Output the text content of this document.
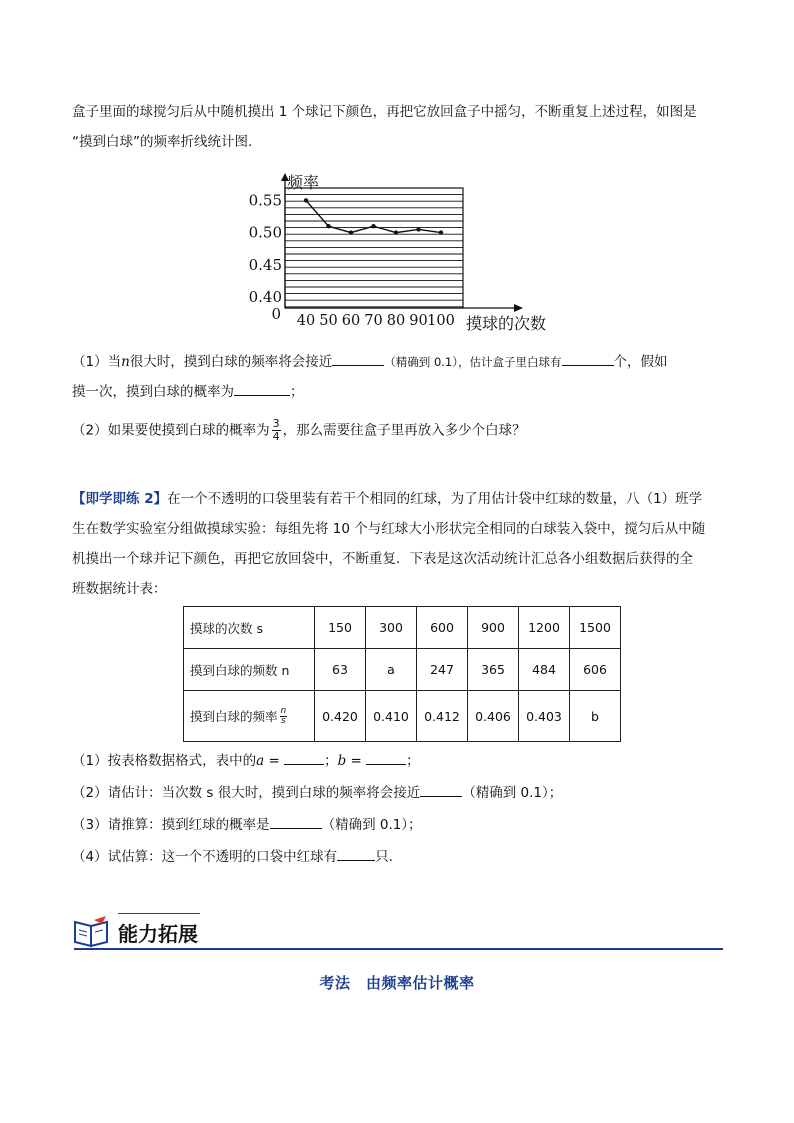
盒子里面的球搅匀后从中随机摸出 1 个球记下颜色，再把它放回盒子中摇匀，不断重复上述过程，如图是
“摸到白球”的频率折线统计图.
0.40
0.45
0.50
0.55
0 40 50 60 70 80 90 100
频率
摸球的次数
（1）当n很大时，摸到白球的频率将会接近	（精确到 0.1），估计盒子里白球有	个，假如
摸一次，摸到白球的概率为	；
（2）如果要使摸到白球的概率为 $\frac{3}{4}$ ，那么需要往盒子里再放入多少个白球？
【即学即练 2】在一个不透明的口袋里装有若干个相同的红球，为了用估计袋中红球的数量，八（1）班学
生在数学实验室分组做摸球实验：每组先将 10 个与红球大小形状完全相同的白球装入袋中，搅匀后从中随
机摸出一个球并记下颜色，再把它放回袋中，不断重复．下表是这次活动统计汇总各小组数据后获得的全
班数据统计表：
摸球的次数 s	150	300	600	900	1200	1500
摸到白球的频数 n	63	a	247	365	484	606
摸到白球的频率 $\frac{n}{s}$	0.420	0.410	0.412	0.406	0.403	b
（1）按表格数据格式，表中的a =	；b =	；
（2）请估计：当次数 s 很大时，摸到白球的频率将会接近	（精确到 0.1）；
（3）请推算：摸到红球的概率是	（精确到 0.1）；
（4）试估算：这一个不透明的口袋中红球有	只.
能力拓展
考法　由频率估计概率
